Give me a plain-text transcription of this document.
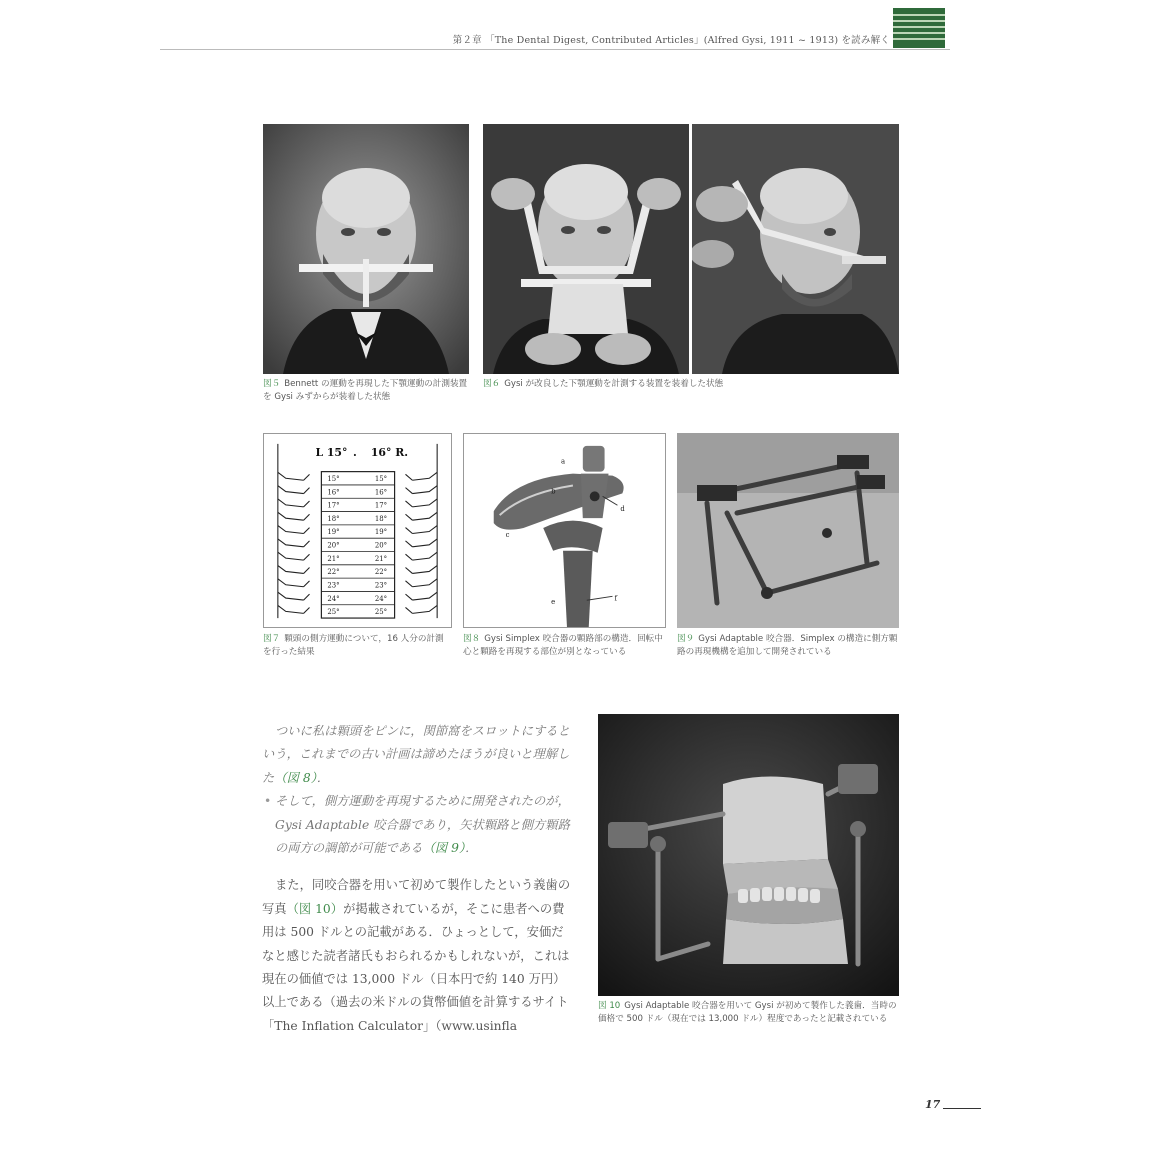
第２章 「The Dental Digest, Contributed Articles」(Alfred Gysi, 1911 ~ 1913) を読み解く
図５ Bennett の運動を再現した下顎運動の計測装置を Gysi みずからが装着した状態
図６ Gysi が改良した下顎運動を計測する装置を装着した状態
L 15° . 16° R.
15°	15°
16°	16°
17°	17°
18°	18°
19°	19°
20°	20°
21°	21°
22°	22°
23°	23°
24°	24°
25°	25°
a
b
c
d
e	f
図７ 顆頭の側方運動について，16 人分の計測を行った結果
図８ Gysi Simplex 咬合器の顆路部の構造．回転中心と顆路を再現する部位が別となっている
図９ Gysi Adaptable 咬合器．Simplex の構造に側方顆路の再現機構を追加して開発されている

ついに私は顆頭をピンに，関節窩をスロットにするという，これまでの古い計画は諦めたほうが良いと理解した（図 8）．

• そして，側方運動を再現するために開発されたのが，Gysi Adaptable 咬合器であり，矢状顆路と側方顆路の両方の調節が可能である（図 9）．

また，同咬合器を用いて初めて製作したという義歯の写真（図 10）が掲載されているが，そこに患者への費用は 500 ドルとの記載がある．ひょっとして，安価だなと感じた読者諸氏もおられるかもしれないが，これは現在の価値では 13,000 ドル（日本円で約 140 万円）以上である（過去の米ドルの貨幣価値を計算するサイト「The Inflation Calculator」（www.usinfla

図 10 Gysi Adaptable 咬合器を用いて Gysi が初めて製作した義歯．当時の価格で 500 ドル（現在では 13,000 ドル）程度であったと記載されている
17
